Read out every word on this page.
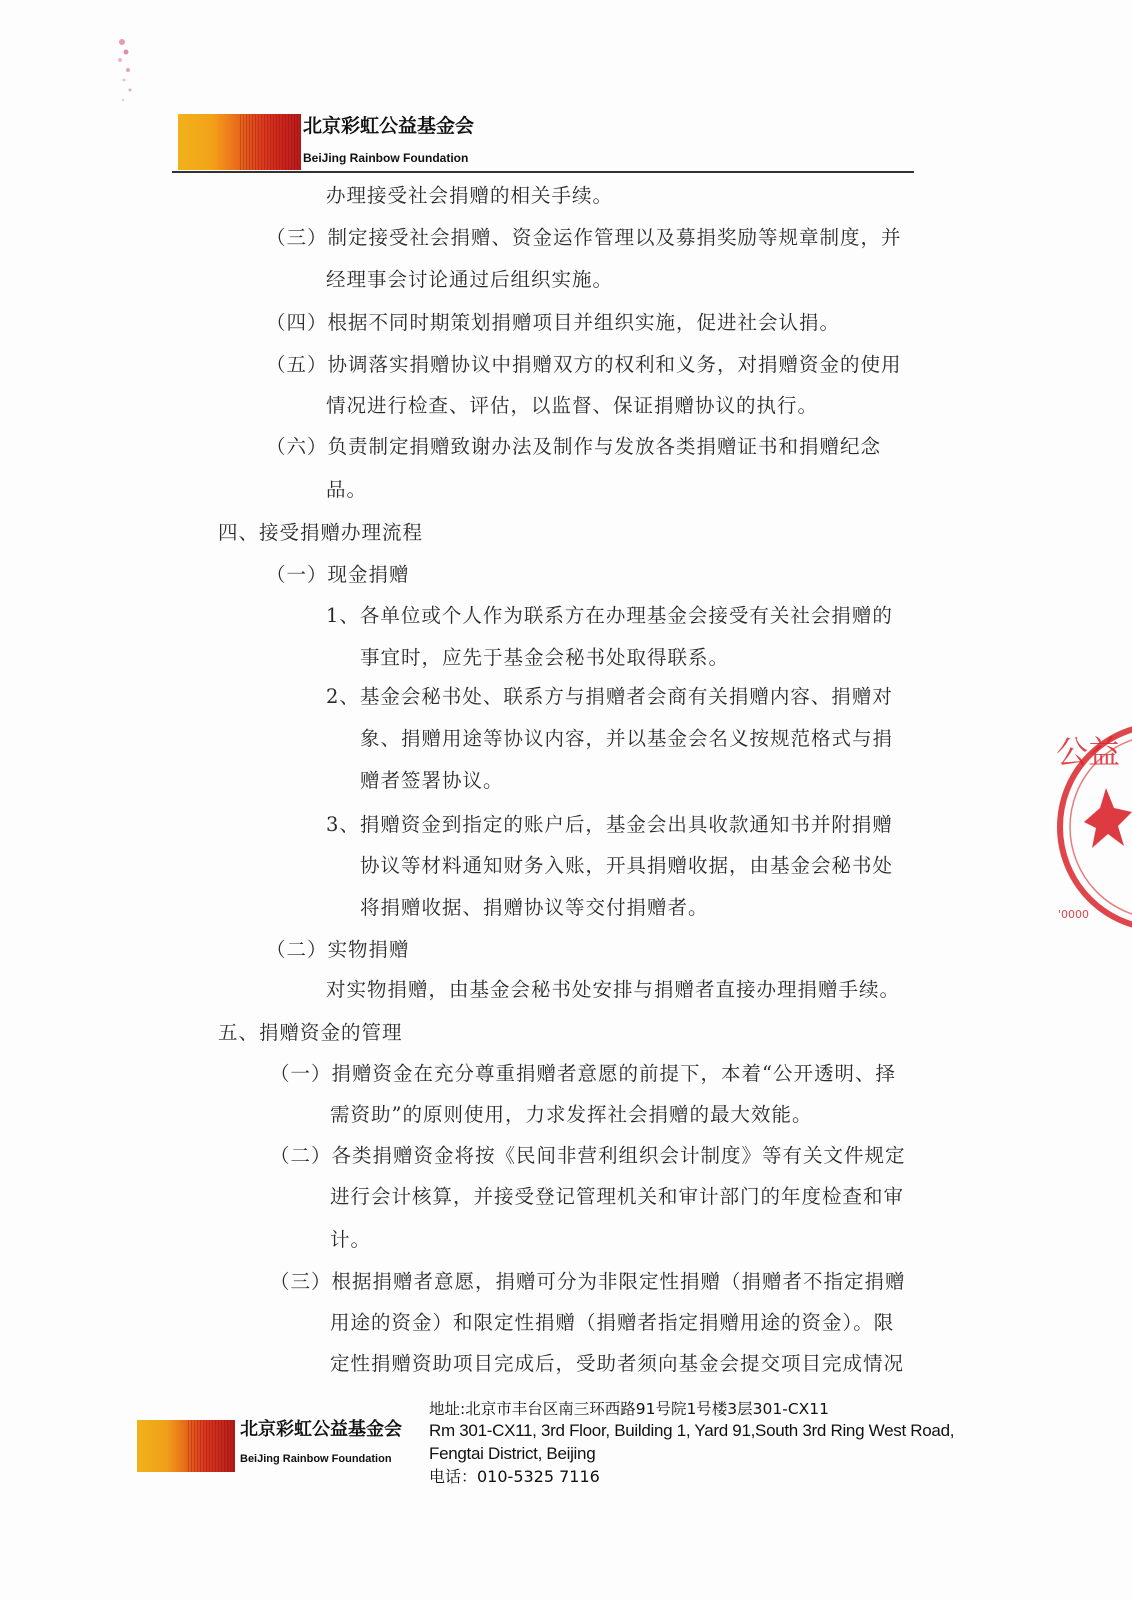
北京彩虹公益基金会
BeiJing Rainbow Foundation
办理接受社会捐赠的相关手续。
（三）制定接受社会捐赠、资金运作管理以及募捐奖励等规章制度，并
经理事会讨论通过后组织实施。
（四）根据不同时期策划捐赠项目并组织实施，促进社会认捐。
（五）协调落实捐赠协议中捐赠双方的权利和义务，对捐赠资金的使用
情况进行检查、评估，以监督、保证捐赠协议的执行。
（六）负责制定捐赠致谢办法及制作与发放各类捐赠证书和捐赠纪念
品。
四、接受捐赠办理流程
（一）现金捐赠
1、各单位或个人作为联系方在办理基金会接受有关社会捐赠的
事宜时，应先于基金会秘书处取得联系。
2、基金会秘书处、联系方与捐赠者会商有关捐赠内容、捐赠对
象、捐赠用途等协议内容，并以基金会名义按规范格式与捐
赠者签署协议。
3、捐赠资金到指定的账户后，基金会出具收款通知书并附捐赠
协议等材料通知财务入账，开具捐赠收据，由基金会秘书处
将捐赠收据、捐赠协议等交付捐赠者。
（二）实物捐赠
对实物捐赠，由基金会秘书处安排与捐赠者直接办理捐赠手续。
五、捐赠资金的管理
（一）捐赠资金在充分尊重捐赠者意愿的前提下，本着“公开透明、择
需资助”的原则使用，力求发挥社会捐赠的最大效能。
（二）各类捐赠资金将按《民间非营利组织会计制度》等有关文件规定
进行会计核算，并接受登记管理机关和审计部门的年度检查和审
计。
（三）根据捐赠者意愿，捐赠可分为非限定性捐赠（捐赠者不指定捐赠
用途的资金）和限定性捐赠（捐赠者指定捐赠用途的资金）。限
定性捐赠资助项目完成后，受助者须向基金会提交项目完成情况
公益
'0000
北京彩虹公益基金会
BeiJing Rainbow Foundation
地址:北京市丰台区南三环西路91号院1号楼3层301-CX11
Rm 301-CX11, 3rd Floor, Building 1, Yard 91,South 3rd Ring West Road,
Fengtai District, Beijing
电话：010-5325 7116
